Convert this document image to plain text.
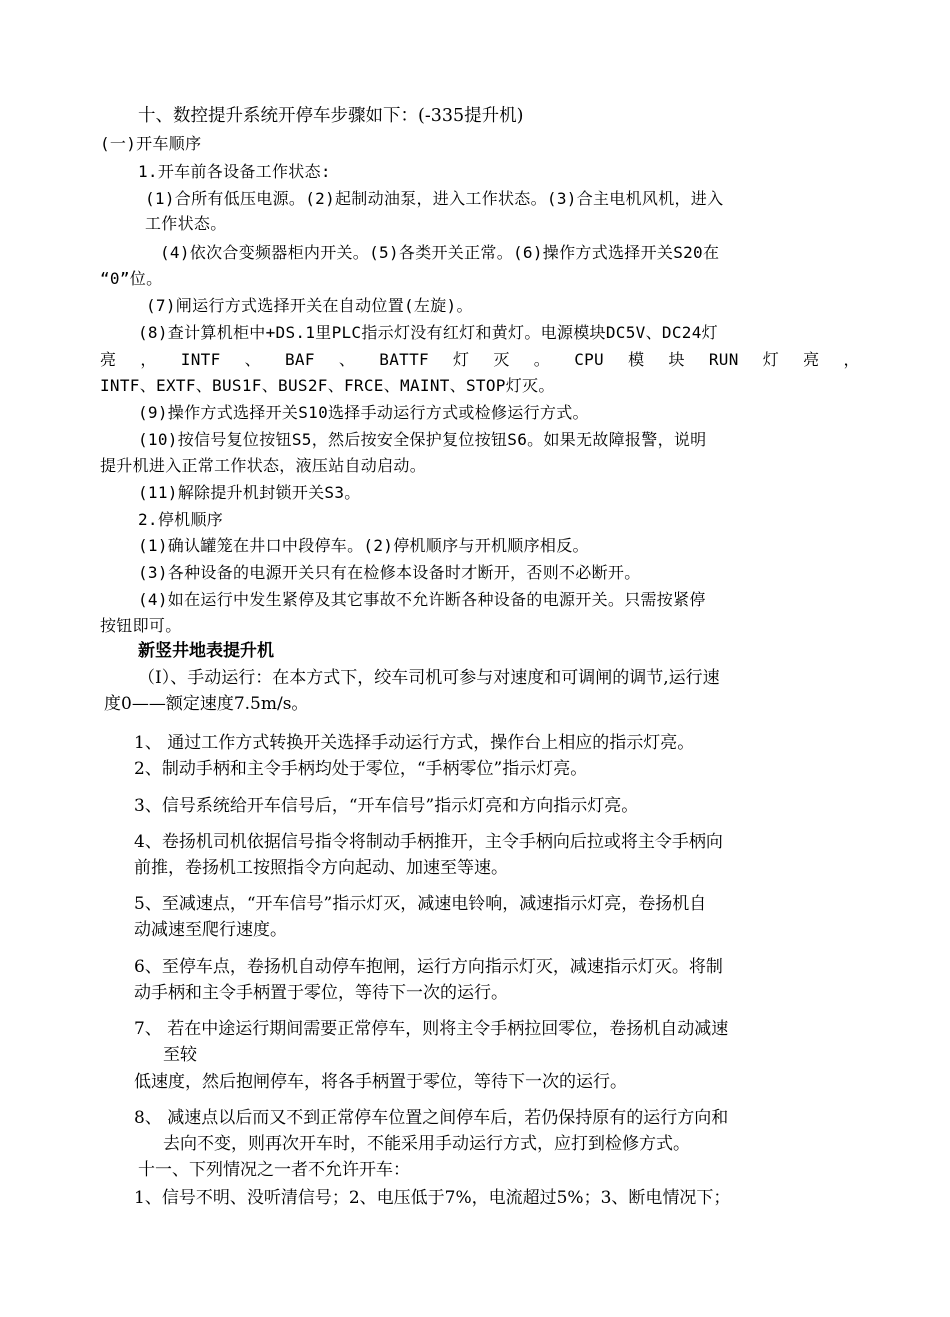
十、数控提升系统开停车步骤如下：(-335提升机)
(一)开车顺序
1.开车前各设备工作状态:
(1)合所有低压电源。(2)起制动油泵，进入工作状态。(3)合主电机风机，进入
工作状态。
(4)依次合变频器柜内开关。(5)各类开关正常。(6)操作方式选择开关S20在
“0”位。
(7)闸运行方式选择开关在自动位置(左旋)。
(8)查计算机柜中+DS.1里PLC指示灯没有红灯和黄灯。电源模块DC5V、DC24灯
亮 ， INTF 、 BAF 、 BATTF 灯 灭 。 CPU 模 块 RUN 灯 亮 ，
INTF、EXTF、BUS1F、BUS2F、FRCE、MAINT、STOP灯灭。
(9)操作方式选择开关S10选择手动运行方式或检修运行方式。
(10)按信号复位按钮S5，然后按安全保护复位按钮S6。如果无故障报警，说明
提升机进入正常工作状态，液压站自动启动。
(11)解除提升机封锁开关S3。
2.停机顺序
(1)确认罐笼在井口中段停车。(2)停机顺序与开机顺序相反。
(3)各种设备的电源开关只有在检修本设备时才断开，否则不必断开。
(4)如在运行中发生紧停及其它事故不允许断各种设备的电源开关。只需按紧停
按钮即可。
新竖井地表提升机
（I）、手动运行：在本方式下，绞车司机可参与对速度和可调闸的调节,运行速
度0——额定速度7.5m/s。
1、 通过工作方式转换开关选择手动运行方式，操作台上相应的指示灯亮。
2、制动手柄和主令手柄均处于零位，“手柄零位”指示灯亮。
3、信号系统给开车信号后，“开车信号”指示灯亮和方向指示灯亮。
4、卷扬机司机依据信号指令将制动手柄推开，主令手柄向后拉或将主令手柄向
前推，卷扬机工按照指令方向起动、加速至等速。
5、至减速点，“开车信号”指示灯灭，减速电铃响，减速指示灯亮，卷扬机自
动减速至爬行速度。
6、至停车点，卷扬机自动停车抱闸，运行方向指示灯灭，减速指示灯灭。将制
动手柄和主令手柄置于零位，等待下一次的运行。
7、 若在中途运行期间需要正常停车，则将主令手柄拉回零位，卷扬机自动减速
至较
低速度，然后抱闸停车，将各手柄置于零位，等待下一次的运行。
8、 减速点以后而又不到正常停车位置之间停车后，若仍保持原有的运行方向和
去向不变，则再次开车时，不能采用手动运行方式，应打到检修方式。
十一、下列情况之一者不允许开车：
1、信号不明、没听清信号；2、电压低于7%，电流超过5%；3、断电情况下；
